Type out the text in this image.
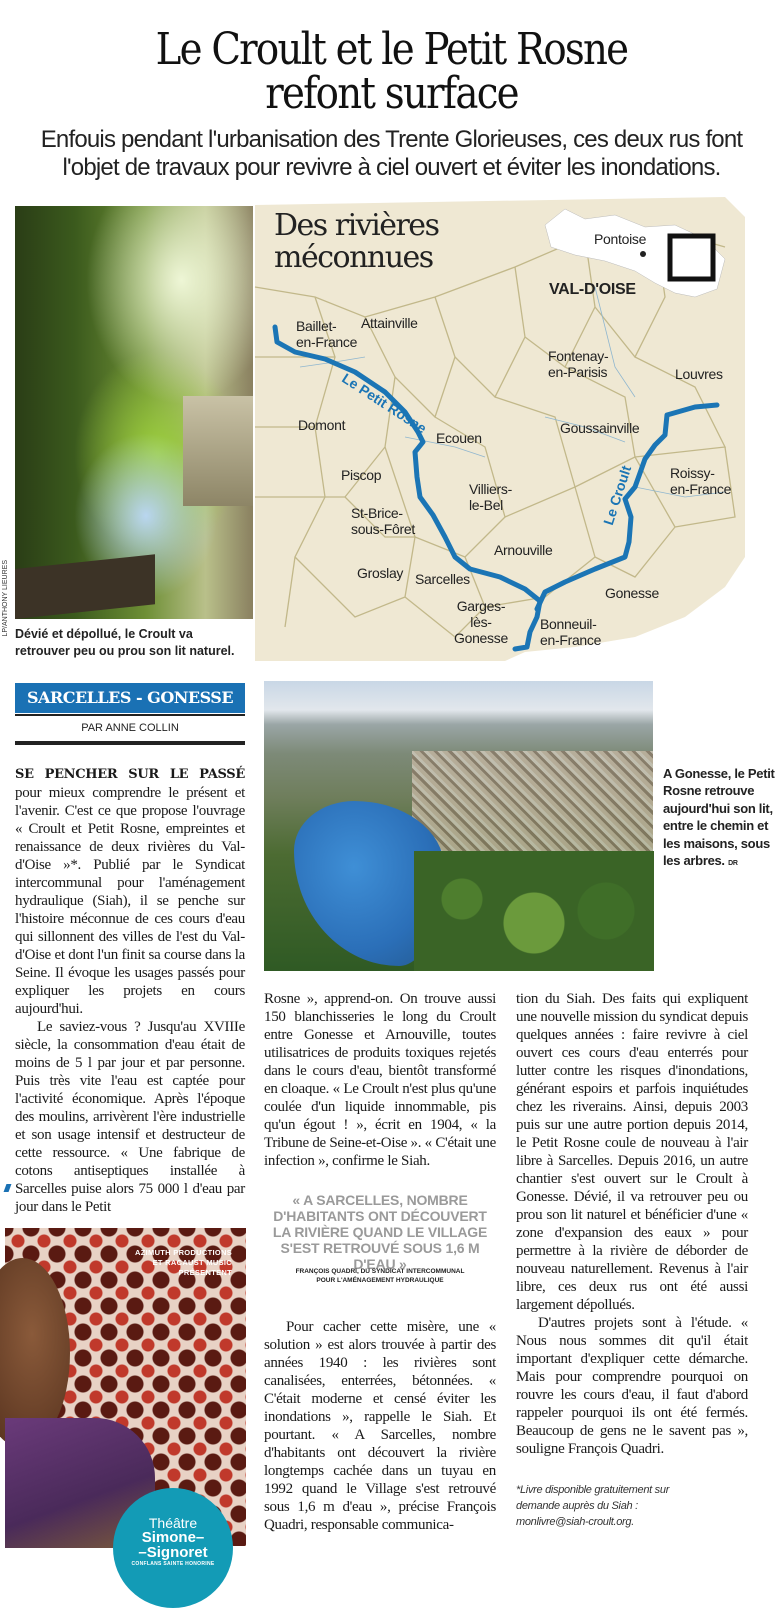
Le Croult et le Petit Rosne
refont surface
Enfouis pendant l'urbanisation des Trente Glorieuses, ces deux rus font
l'objet de travaux pour revivre à ciel ouvert et éviter les inondations.
LP/ANTHONY LIEURES Dévié et dépollué, le Croult va
retrouver peu ou prou son lit naturel.
Des rivières
méconnues
VAL-D'OISE
Pontoise
Baillet-
en-France
Attainville
Fontenay-
en-Parisis	Louvres
Domont
Ecouen
Goussainville
Piscop
Villiers-
le-Bel
Roissy-
en-France
St-Brice-
sous-Fôret
Arnouville
Groslay Sarcelles
Gonesse
Garges-
lès-
Gonesse
Bonneuil-
en-France
Le Petit Rosne
Le Croult
SARCELLES - GONESSE
PAR ANNE COLLIN

SE PENCHER SUR LE PASSÉ pour mieux comprendre le présent et l'avenir. C'est ce que propose l'ouvrage « Croult et Petit Rosne, empreintes et renaissance de deux rivières du Val-d'Oise »*. Publié par le Syndicat intercommunal pour l'aménagement hydraulique (Siah), il se penche sur l'histoire méconnue de ces cours d'eau qui sillonnent des villes de l'est du Val-d'Oise et dont l'un finit sa course dans la Seine. Il évoque les usages passés pour expliquer les projets en cours aujourd'hui.

Le saviez-vous ? Jusqu'au XVIIIe siècle, la consommation d'eau était de moins de 5 l par jour et par personne. Puis très vite l'eau est captée pour l'activité économique. Après l'époque des moulins, arrivèrent l'ère industrielle et son usage intensif et destructeur de cette ressource. « Une fabrique de cotons antiseptiques installée à Sarcelles puise alors 75 000 l d'eau par jour dans le Petit

A Gonesse, le Petit Rosne retrouve aujourd'hui son lit, entre le chemin et les maisons, sous les arbres. DR

Rosne », apprend-on. On trouve aussi 150 blanchisseries le long du Croult entre Gonesse et Arnouville, toutes utilisatrices de produits toxiques rejetés dans le cours d'eau, bientôt transformé en cloaque. « Le Croult n'est plus qu'une coulée d'un liquide innommable, pis qu'un égout ! », écrit en 1904, « la Tribune de Seine-et-Oise ». « C'était une infection », confirme le Siah.

« A SARCELLES, NOMBRE D'HABITANTS ONT DÉCOUVERT LA RIVIÈRE QUAND LE VILLAGE S'EST RETROUVÉ SOUS 1,6 M D'EAU »
FRANÇOIS QUADRI, DU SYNDICAT INTERCOMMUNAL
POUR L'AMÉNAGEMENT HYDRAULIQUE

Pour cacher cette misère, une « solution » est alors trouvée à partir des années 1940 : les rivières sont canalisées, enterrées, bétonnées. « C'était moderne et censé éviter les inondations », rappelle le Siah. Et pourtant. « A Sarcelles, nombre d'habitants ont découvert la rivière longtemps cachée dans un tuyau en 1992 quand le Village s'est retrouvé sous 1,6 m d'eau », précise François Quadri, responsable communica-

tion du Siah. Des faits qui expliquent une nouvelle mission du syndicat depuis quelques années : faire revivre à ciel ouvert ces cours d'eau enterrés pour lutter contre les risques d'inondations, générant espoirs et parfois inquiétudes chez les riverains. Ainsi, depuis 2003 puis sur une autre portion depuis 2014, le Petit Rosne coule de nouveau à l'air libre à Sarcelles. Depuis 2016, un autre chantier s'est ouvert sur le Croult à Gonesse. Dévié, il va retrouver peu ou prou son lit naturel et bénéficier d'une « zone d'expansion des eaux » pour permettre à la rivière de déborder de nouveau naturellement. Revenus à l'air libre, ces deux rus ont été aussi largement dépollués.

D'autres projets sont à l'étude. « Nous nous sommes dit qu'il était important d'expliquer cette démarche. Mais pour comprendre pourquoi on rouvre les cours d'eau, il faut d'abord rappeler pourquoi ils ont été fermés. Beaucoup de gens ne le savent pas », souligne François Quadri.

*Livre disponible gratuitement sur
demande auprès du Siah :
monlivre@siah-croult.org.
AZIMUTH PRODUCTIONS
ET RACAUST MUSIC
PRÉSENTENT
Théâtre
Simone–
–Signoret
CONFLANS SAINTE HONORINE
